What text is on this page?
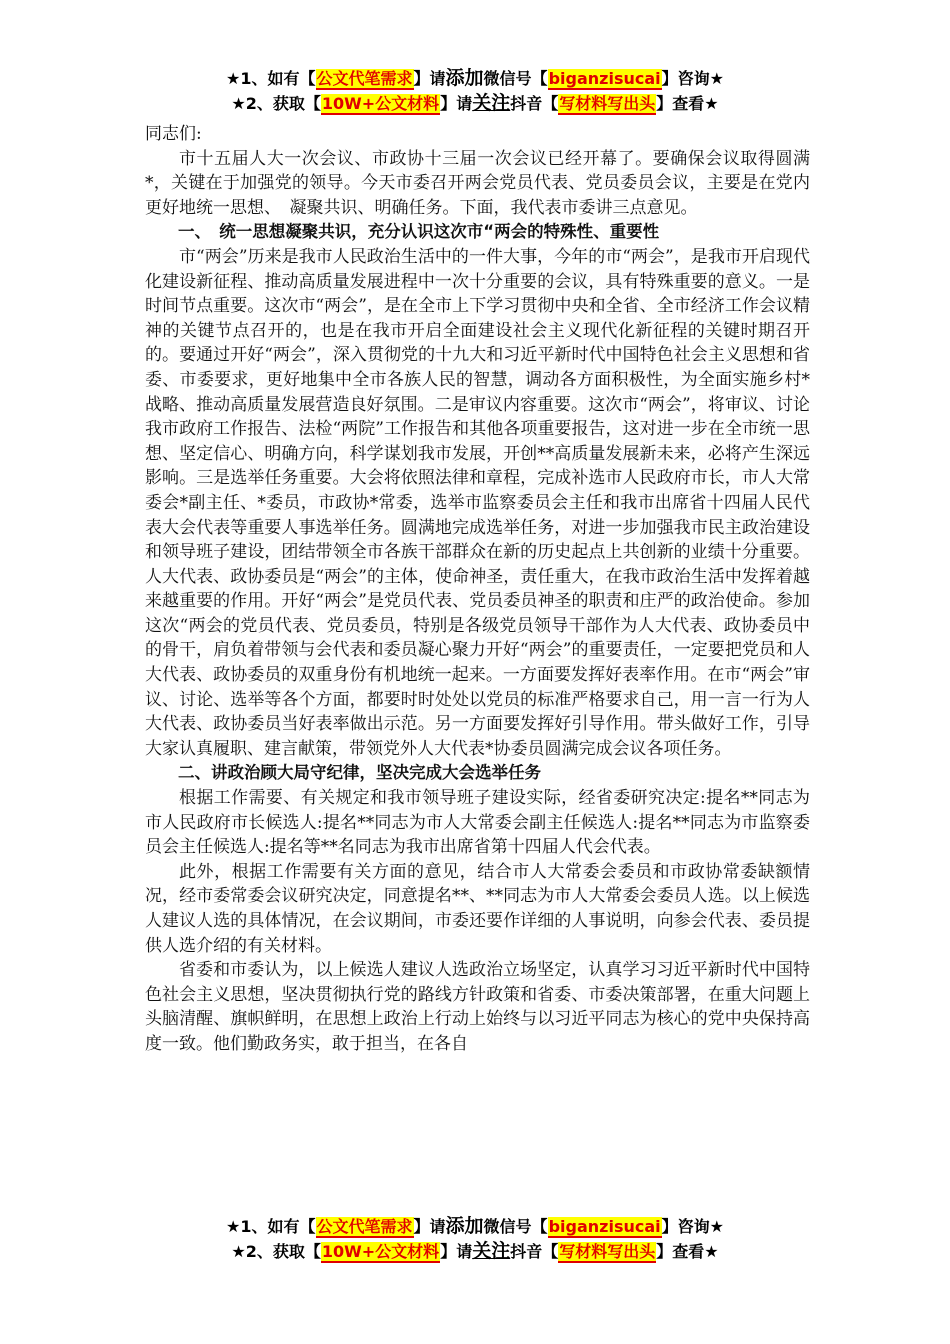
★1、如有【公文代笔需求】请添加微信号【biganzisucai】咨询★
★2、获取【10W+公文材料】请关注抖音【写材料写出头】查看★

同志们:

市十五届人大一次会议、市政协十三届一次会议已经开幕了。要确保会议取得圆满*，关键在于加强党的领导。今天市委召开两会党员代表、党员委员会议，主要是在党内更好地统一思想、　凝聚共识、明确任务。下面，我代表市委讲三点意见。

一、　统一思想凝聚共识，充分认识这次市“两会的特殊性、重要性

市“两会”历来是我市人民政治生活中的一件大事，今年的市“两会”，是我市开启现代化建设新征程、推动高质量发展进程中一次十分重要的会议，具有特殊重要的意义。一是时间节点重要。这次市“两会”，是在全市上下学习贯彻中央和全省、全市经济工作会议精神的关键节点召开的，也是在我市开启全面建设社会主义现代化新征程的关键时期召开的。要通过开好“两会”，深入贯彻党的十九大和习近平新时代中国特色社会主义思想和省委、市委要求，更好地集中全市各族人民的智慧，调动各方面积极性，为全面实施乡村*战略、推动高质量发展营造良好氛围。二是审议内容重要。这次市“两会”，将审议、讨论我市政府工作报告、法检“两院”工作报告和其他各项重要报告，这对进一步在全市统一思想、坚定信心、明确方向，科学谋划我市发展，开创**高质量发展新未来，必将产生深远影响。三是选举任务重要。大会将依照法律和章程，完成补选市人民政府市长，市人大常委会*副主任、*委员，市政协*常委，选举市监察委员会主任和我市出席省十四届人民代表大会代表等重要人事选举任务。圆满地完成选举任务，对进一步加强我市民主政治建设和领导班子建设，团结带领全市各族干部群众在新的历史起点上共创新的业绩十分重要。人大代表、政协委员是“两会”的主体，使命神圣，责任重大，在我市政治生活中发挥着越来越重要的作用。开好“两会”是党员代表、党员委员神圣的职责和庄严的政治使命。参加这次“两会的党员代表、党员委员，特别是各级党员领导干部作为人大代表、政协委员中的骨干，肩负着带领与会代表和委员凝心聚力开好“两会”的重要责任，一定要把党员和人大代表、政协委员的双重身份有机地统一起来。一方面要发挥好表率作用。在市“两会”审议、讨论、选举等各个方面，都要时时处处以党员的标准严格要求自己，用一言一行为人大代表、政协委员当好表率做出示范。另一方面要发挥好引导作用。带头做好工作，引导大家认真履职、建言献策，带领党外人大代表*协委员圆满完成会议各项任务。

二、讲政治顾大局守纪律，坚决完成大会选举任务

根据工作需要、有关规定和我市领导班子建设实际，经省委研究决定:提名**同志为市人民政府市长候选人:提名**同志为市人大常委会副主任候选人:提名**同志为市监察委员会主任候选人:提名等**名同志为我市出席省第十四届人代会代表。

此外，根据工作需要有关方面的意见，结合市人大常委会委员和市政协常委缺额情况，经市委常委会议研究决定，同意提名**、**同志为市人大常委会委员人选。以上候选人建议人选的具体情况，在会议期间，市委还要作详细的人事说明，向参会代表、委员提供人选介绍的有关材料。

省委和市委认为，以上候选人建议人选政治立场坚定，认真学习习近平新时代中国特色社会主义思想，坚决贯彻执行党的路线方针政策和省委、市委决策部署，在重大问题上头脑清醒、旗帜鲜明，在思想上政治上行动上始终与以习近平同志为核心的党中央保持高度一致。他们勤政务实，敢于担当，在各自

★1、如有【公文代笔需求】请添加微信号【biganzisucai】咨询★
★2、获取【10W+公文材料】请关注抖音【写材料写出头】查看★
